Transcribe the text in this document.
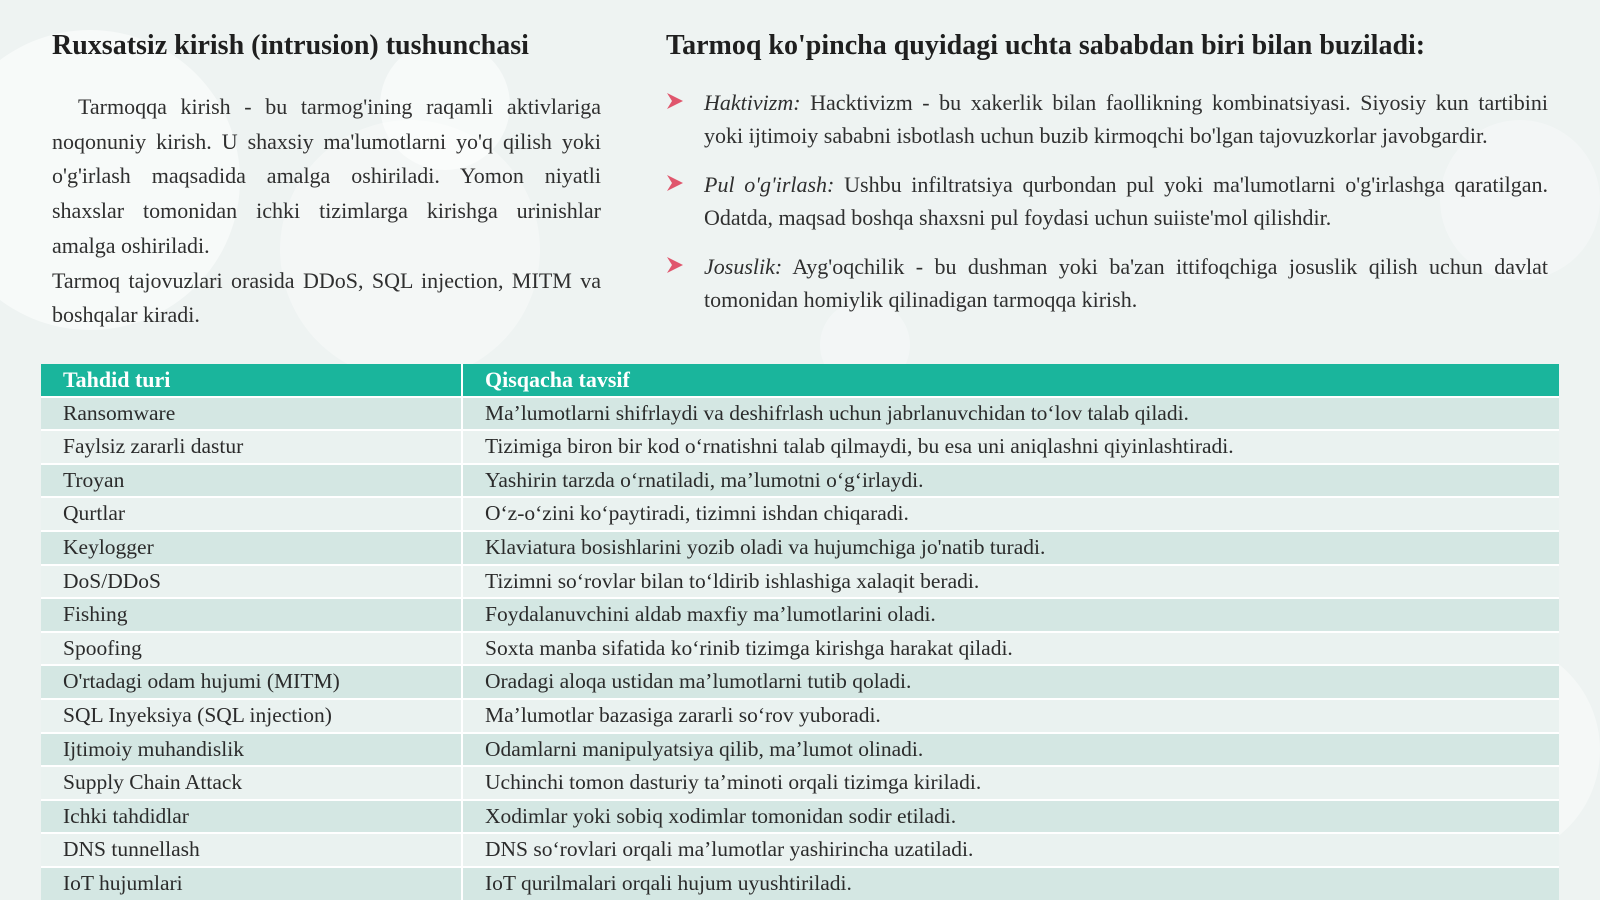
Ruxsatsiz kirish (intrusion) tushunchasi

Tarmoqqa kirish - bu tarmog'ining raqamli aktivlariga noqonuniy kirish. U shaxsiy ma'lumotlarni yo'q qilish yoki o'g'irlash maqsadida amalga oshiriladi. Yomon niyatli shaxslar tomonidan ichki tizimlarga kirishga urinishlar amalga oshiriladi.

Tarmoq tajovuzlari orasida DDoS, SQL injection, MITM va boshqalar kiradi.

Tarmoq ko'pincha quyidagi uchta sababdan biri bilan buziladi:
Haktivizm: Hacktivizm - bu xakerlik bilan faollikning kombinatsiyasi. Siyosiy kun tartibini yoki ijtimoiy sababni isbotlash uchun buzib kirmoqchi bo'lgan tajovuzkorlar javobgardir.
Pul o'g'irlash: Ushbu infiltratsiya qurbondan pul yoki ma'lumotlarni o'g'irlashga qaratilgan. Odatda, maqsad boshqa shaxsni pul foydasi uchun suiiste'mol qilishdir.
Josuslik: Ayg'oqchilik - bu dushman yoki ba'zan ittifoqchiga josuslik qilish uchun davlat tomonidan homiylik qilinadigan tarmoqqa kirish.
Tahdid turi	Qisqacha tavsif
Ransomware	Ma’lumotlarni shifrlaydi va deshifrlash uchun jabrlanuvchidan to‘lov talab qiladi.
Faylsiz zararli dastur	Tizimiga biron bir kod o‘rnatishni talab qilmaydi, bu esa uni aniqlashni qiyinlashtiradi.
Troyan	Yashirin tarzda o‘rnatiladi, ma’lumotni o‘g‘irlaydi.
Qurtlar	O‘z-o‘zini ko‘paytiradi, tizimni ishdan chiqaradi.
Keylogger	Klaviatura bosishlarini yozib oladi va hujumchiga jo'natib turadi.
DoS/DDoS	Tizimni so‘rovlar bilan to‘ldirib ishlashiga xalaqit beradi.
Fishing	Foydalanuvchini aldab maxfiy ma’lumotlarini oladi.
Spoofing	Soxta manba sifatida ko‘rinib tizimga kirishga harakat qiladi.
O'rtadagi odam hujumi (MITM)	Oradagi aloqa ustidan ma’lumotlarni tutib qoladi.
SQL Inyeksiya (SQL injection)	Ma’lumotlar bazasiga zararli so‘rov yuboradi.
Ijtimoiy muhandislik	Odamlarni manipulyatsiya qilib, ma’lumot olinadi.
Supply Chain Attack	Uchinchi tomon dasturiy ta’minoti orqali tizimga kiriladi.
Ichki tahdidlar	Xodimlar yoki sobiq xodimlar tomonidan sodir etiladi.
DNS tunnellash	DNS so‘rovlari orqali ma’lumotlar yashirincha uzatiladi.
IoT hujumlari	IoT qurilmalari orqali hujum uyushtiriladi.
